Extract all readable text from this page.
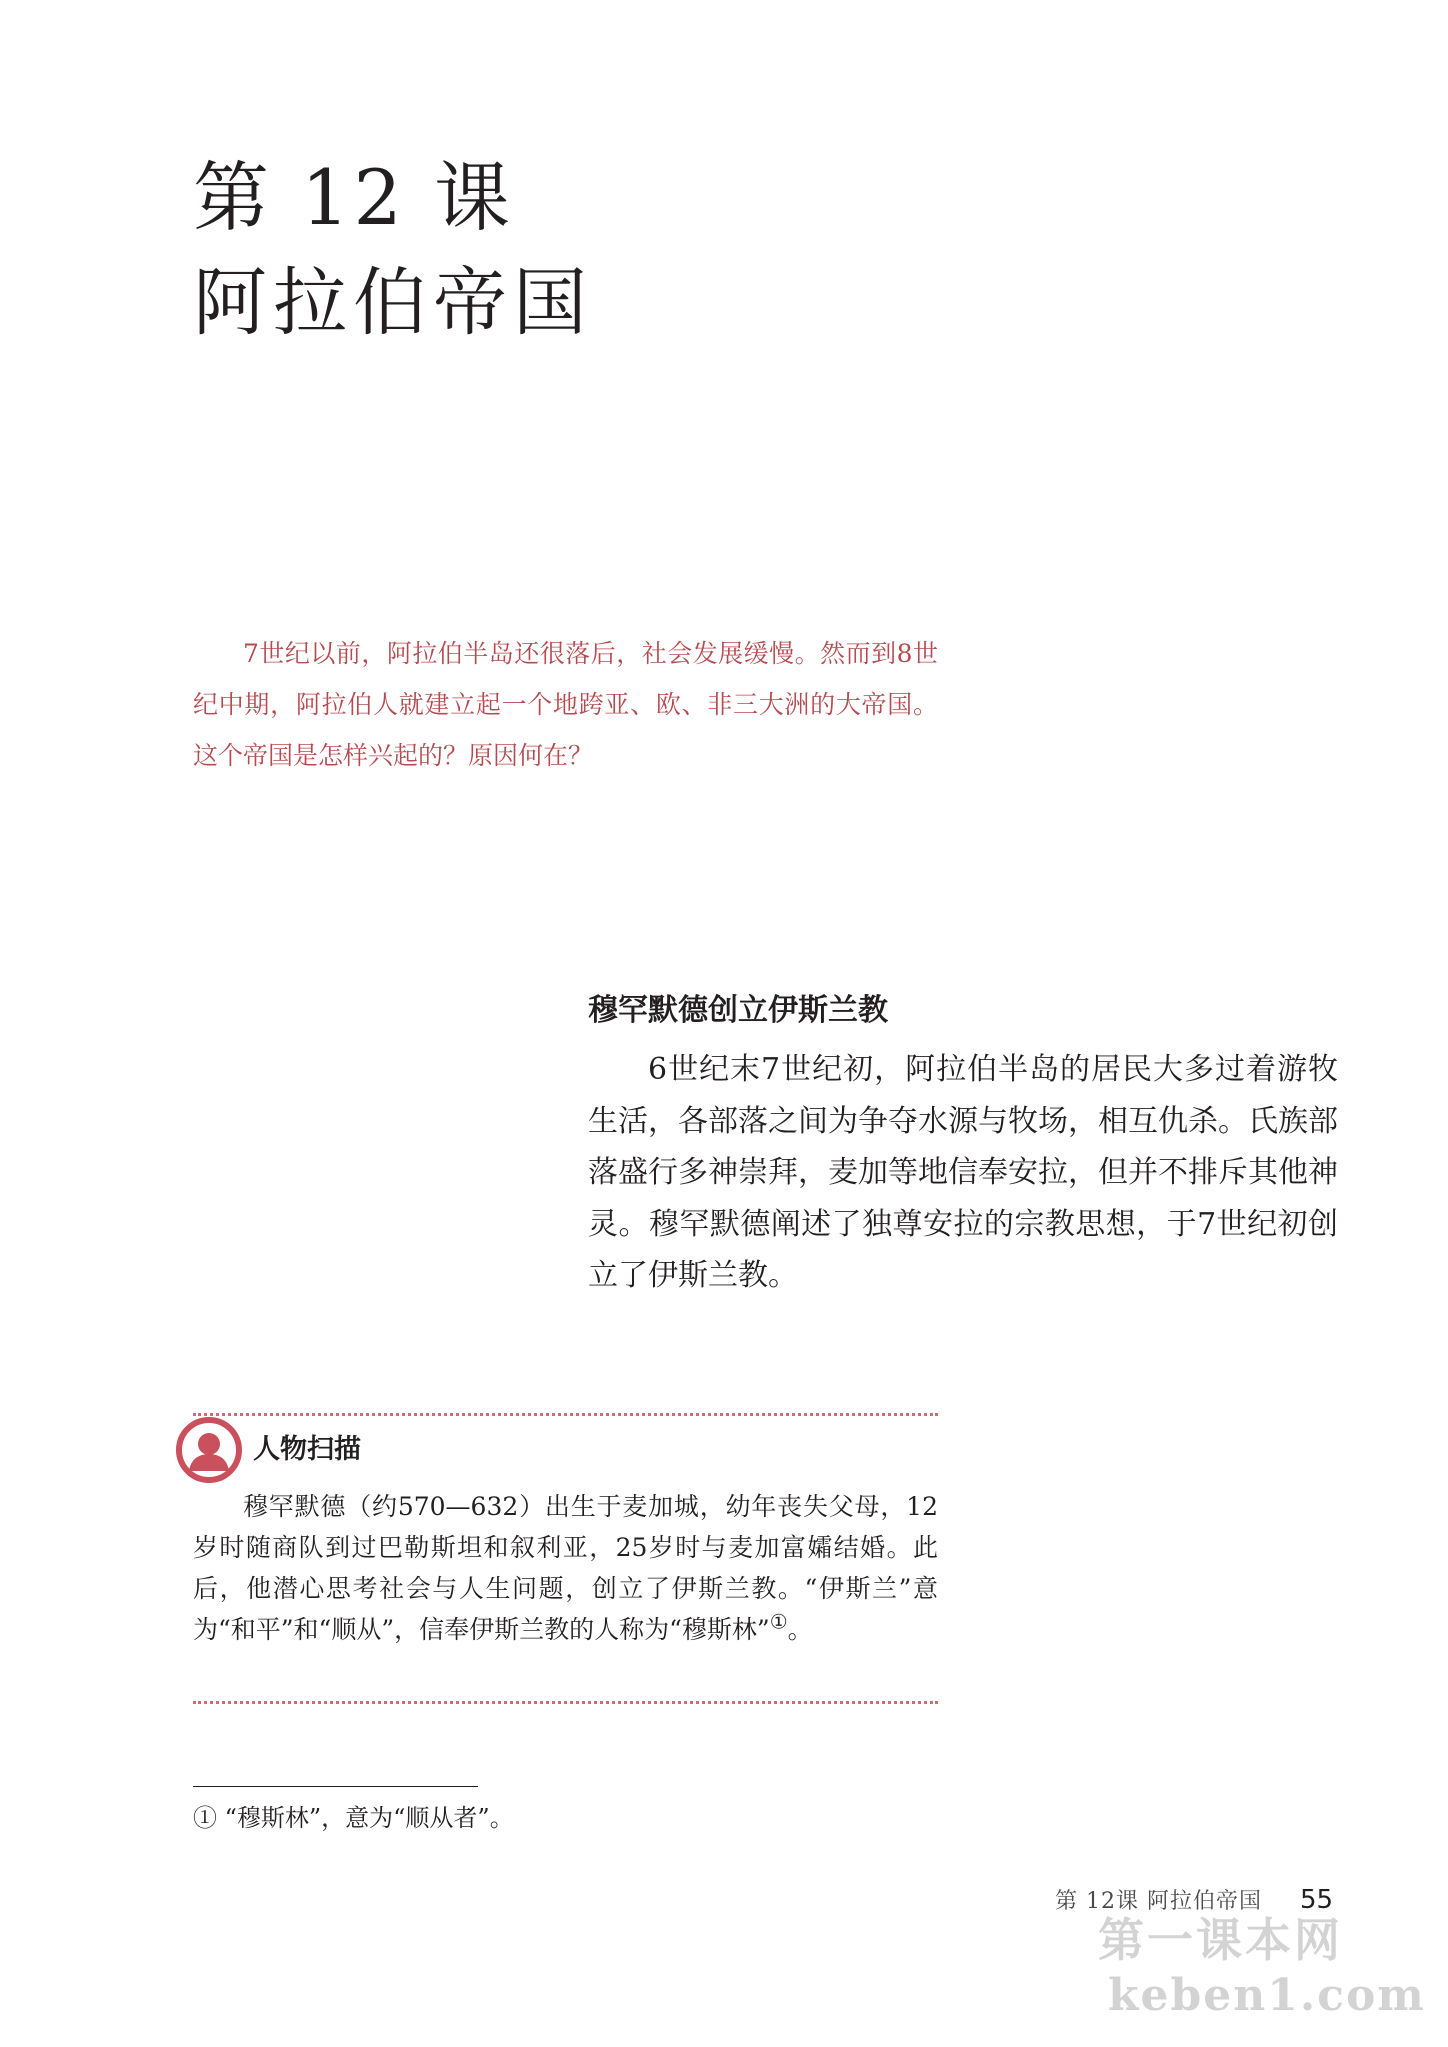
第 12 课
阿拉伯帝国

7世纪以前，阿拉伯半岛还很落后，社会发展缓慢。然而到8世纪中期，阿拉伯人就建立起一个地跨亚、欧、非三大洲的大帝国。这个帝国是怎样兴起的？原因何在？

穆罕默德创立伊斯兰教

6世纪末7世纪初，阿拉伯半岛的居民大多过着游牧生活，各部落之间为争夺水源与牧场，相互仇杀。氏族部落盛行多神崇拜，麦加等地信奉安拉，但并不排斥其他神灵。穆罕默德阐述了独尊安拉的宗教思想，于7世纪初创立了伊斯兰教。

人物扫描

穆罕默德（约570—632）出生于麦加城，幼年丧失父母，12岁时随商队到过巴勒斯坦和叙利亚，25岁时与麦加富孀结婚。此后，他潜心思考社会与人生问题，创立了伊斯兰教。“伊斯兰”意为“和平”和“顺从”，信奉伊斯兰教的人称为“穆斯林”①。

① “穆斯林”，意为“顺从者”。
第 12课 阿拉伯帝国 55
第一课本网
keben1.com
